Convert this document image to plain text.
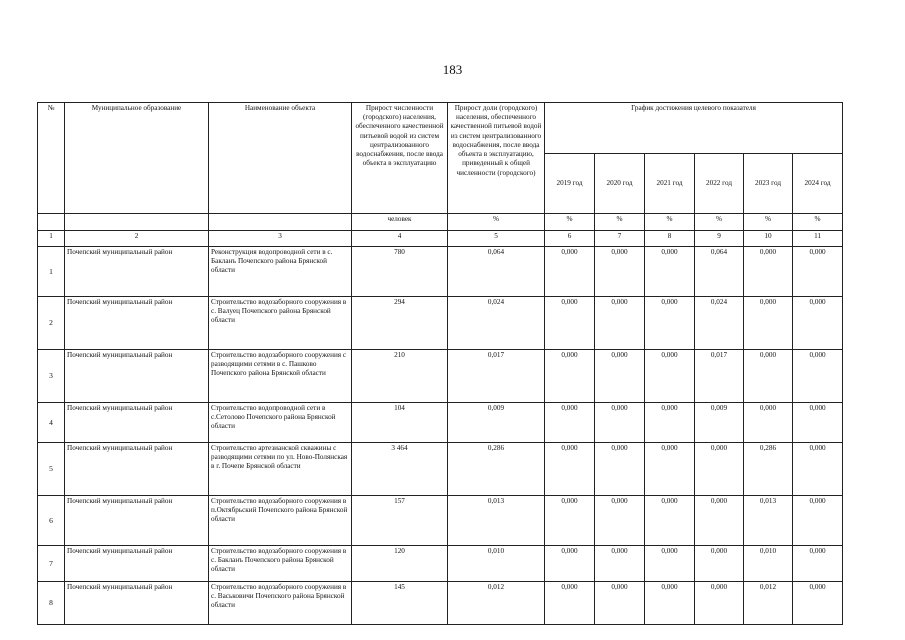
183
№	Муниципальное образование	Наименование объекта	Прирост численности (городского) населения, обеспеченного качественной питьевой водой из систем централизованного водоснабжения, после ввода объекта в эксплуатацию	Прирост доли (городского) населения, обеспеченного качественной питьевой водой из систем централизованного водоснабжения, после ввода объекта в эксплуатацию, приведенный к общей численности (городского)	График достижения целевого показателя					
					2019 год	2020 год	2021 год	2022 год	2023 год	2024 год
			человек	%	%	%	%	%	%	%
1	2	3	4	5	6	7	8	9	10	11
1	Почепский муниципальный район	Реконструкция водопроводной сети в с. Бакланъ Почепского района Брянской области	780	0,064	0,000	0,000	0,000	0,064	0,000	0,000
2	Почепский муниципальный район	Строительство водозаборного сооружения в с. Валуец Почепского района Брянской области	294	0,024	0,000	0,000	0,000	0,024	0,000	0,000
3	Почепский муниципальный район	Строительство водозаборного сооружения с разводящими сетями в с. Пашково Почепского района Брянской области	210	0,017	0,000	0,000	0,000	0,017	0,000	0,000
4	Почепский муниципальный район	Строительство водопроводной сети в с.Сетолово Почепского района Брянской области	104	0,009	0,000	0,000	0,000	0,009	0,000	0,000
5	Почепский муниципальный район	Строительство артезианской скважины с разводящими сетями по ул. Ново-Полянская в г. Почепе Брянской области	3 464	0,286	0,000	0,000	0,000	0,000	0,286	0,000
6	Почепский муниципальный район	Строительство водозаборного сооружения в п.Октябрьский Почепского района Брянской области	157	0,013	0,000	0,000	0,000	0,000	0,013	0,000
7	Почепский муниципальный район	Строительство водозаборного сооружения в с. Бакланъ Почепского района Брянской области	120	0,010	0,000	0,000	0,000	0,000	0,010	0,000
8	Почепский муниципальный район	Строительство водозаборного сооружения в с. Васьковичи Почепского района Брянской области	145	0,012	0,000	0,000	0,000	0,000	0,012	0,000
